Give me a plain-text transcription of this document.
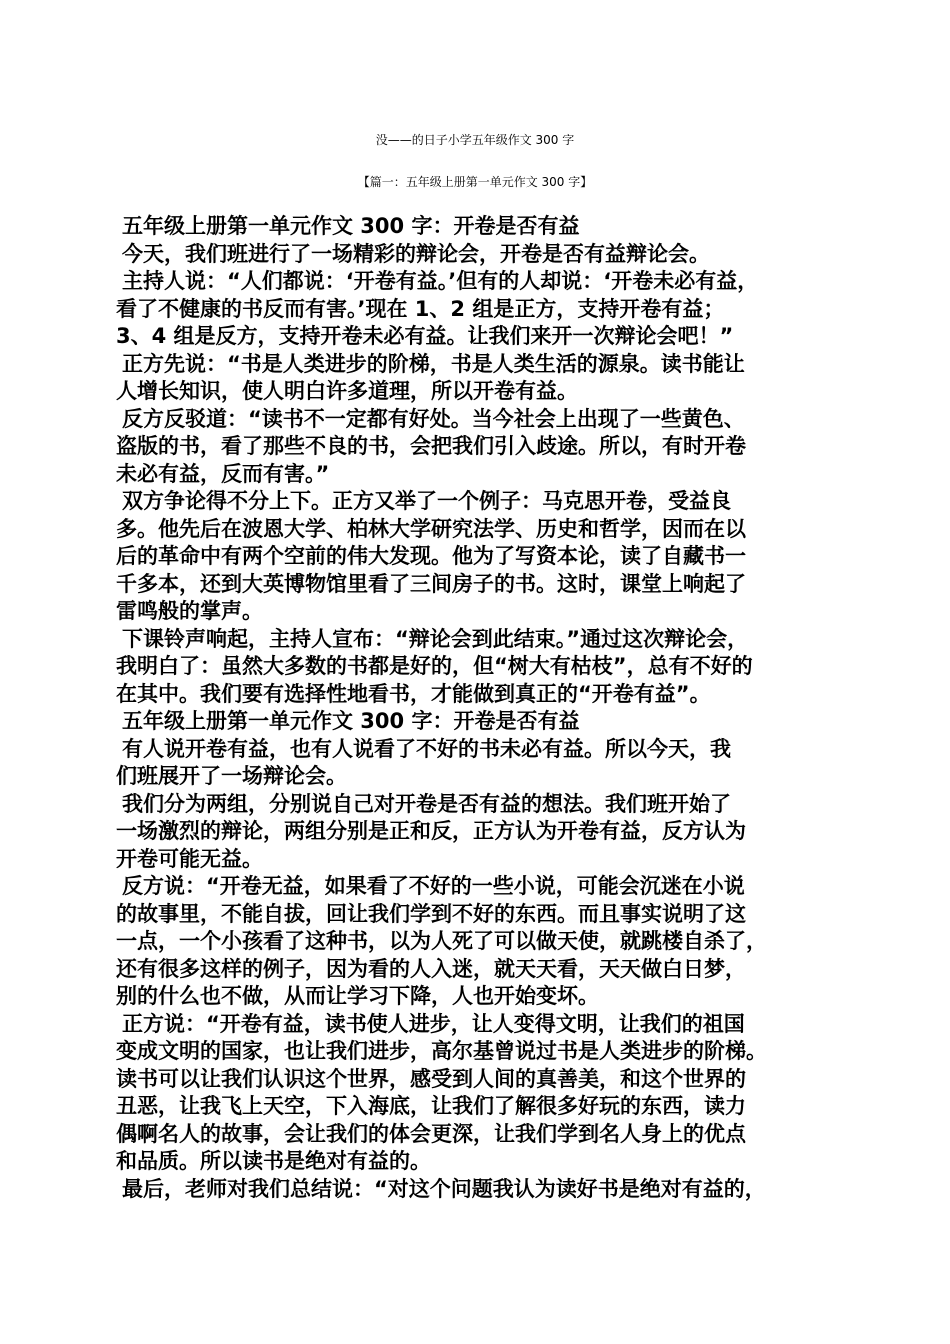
没——的日子小学五年级作文 300 字
【篇一：五年级上册第一单元作文 300 字】
五年级上册第一单元作文 300 字：开卷是否有益
今天，我们班进行了一场精彩的辩论会，开卷是否有益辩论会。
主持人说：“人们都说：‘开卷有益。’但有的人却说：‘开卷未必有益，
看了不健康的书反而有害。’现在 1、2 组是正方，支持开卷有益；
3、4 组是反方，支持开卷未必有益。让我们来开一次辩论会吧！”
正方先说：“书是人类进步的阶梯，书是人类生活的源泉。读书能让
人增长知识，使人明白许多道理，所以开卷有益。
反方反驳道：“读书不一定都有好处。当今社会上出现了一些黄色、
盗版的书，看了那些不良的书，会把我们引入歧途。所以，有时开卷
未必有益，反而有害。”
双方争论得不分上下。正方又举了一个例子：马克思开卷，受益良
多。他先后在波恩大学、柏林大学研究法学、历史和哲学，因而在以
后的革命中有两个空前的伟大发现。他为了写资本论，读了自藏书一
千多本，还到大英博物馆里看了三间房子的书。这时，课堂上响起了
雷鸣般的掌声。
下课铃声响起，主持人宣布：“辩论会到此结束。”通过这次辩论会，
我明白了：虽然大多数的书都是好的，但“树大有枯枝”，总有不好的
在其中。我们要有选择性地看书，才能做到真正的“开卷有益”。
五年级上册第一单元作文 300 字：开卷是否有益
有人说开卷有益，也有人说看了不好的书未必有益。所以今天，我
们班展开了一场辩论会。
我们分为两组，分别说自己对开卷是否有益的想法。我们班开始了
一场激烈的辩论，两组分别是正和反，正方认为开卷有益，反方认为
开卷可能无益。
反方说：“开卷无益，如果看了不好的一些小说，可能会沉迷在小说
的故事里，不能自拔，回让我们学到不好的东西。而且事实说明了这
一点，一个小孩看了这种书，以为人死了可以做天使，就跳楼自杀了，
还有很多这样的例子，因为看的人入迷，就天天看，天天做白日梦，
别的什么也不做，从而让学习下降，人也开始变坏。
正方说：“开卷有益，读书使人进步，让人变得文明，让我们的祖国
变成文明的国家，也让我们进步，高尔基曾说过书是人类进步的阶梯。
读书可以让我们认识这个世界，感受到人间的真善美，和这个世界的
丑恶，让我飞上天空，下入海底，让我们了解很多好玩的东西，读力
偶啊名人的故事，会让我们的体会更深，让我们学到名人身上的优点
和品质。所以读书是绝对有益的。
最后，老师对我们总结说：“对这个问题我认为读好书是绝对有益的，
